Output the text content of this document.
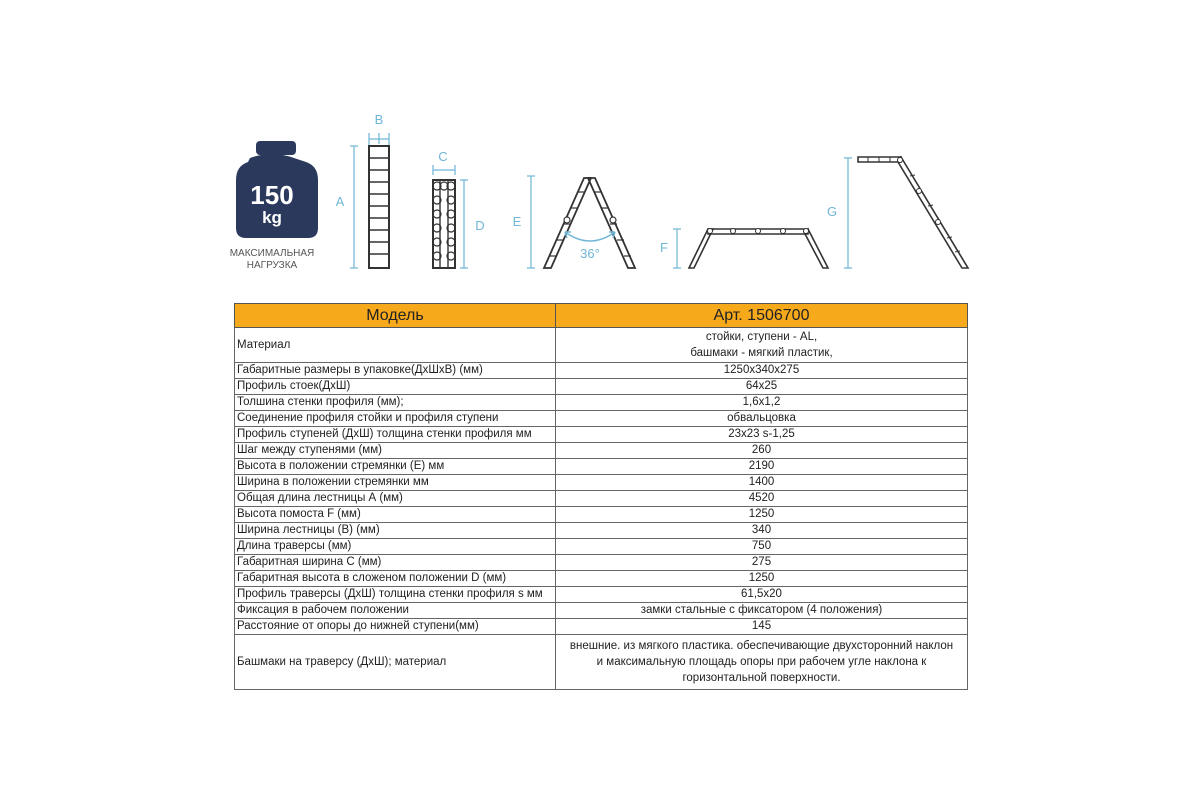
150
kg
МАКСИМАЛЬНАЯ
НАГРУЗКА
B
A
C
D E
36°	F
G
Модель	Арт. 1506700
Материал	стойки, ступени - AL,
башмаки - мягкий пластик,

Габаритные размеры в упаковке(ДхШхВ) (мм)	1250х340х275
Профиль стоек(ДхШ)	64х25
Толшина стенки профиля (мм);	1,6х1,2
Соединение профиля стойки и профиля ступени	обвальцовка
Профиль ступеней (ДхШ) толщина стенки профиля мм	23х23 s-1,25
Шаг между ступенями (мм)	260
Высота в положении стремянки (Е) мм	2190
Ширина в положении стремянки мм	1400
Общая длина лестницы А (мм)	4520
Высота помоста F (мм)	1250
Ширина лестницы (В) (мм)	340
Длина траверсы (мм)	750
Габаритная ширина С (мм)	275
Габаритная высота в сложеном положении D (мм)	1250
Профиль траверсы (ДхШ) толщина стенки профиля s мм	61,5х20
Фиксация в рабочем положении	замки стальные с фиксатором (4 положения)
Расстояние от опоры до нижней ступени(мм)	145
Башмаки на траверсу (ДхШ); материал	внешние. из мягкого пластика. обеспечивающие двухсторонний наклон
и максимальную площадь опоры при рабочем угле наклона к
горизонтальной поверхности.
